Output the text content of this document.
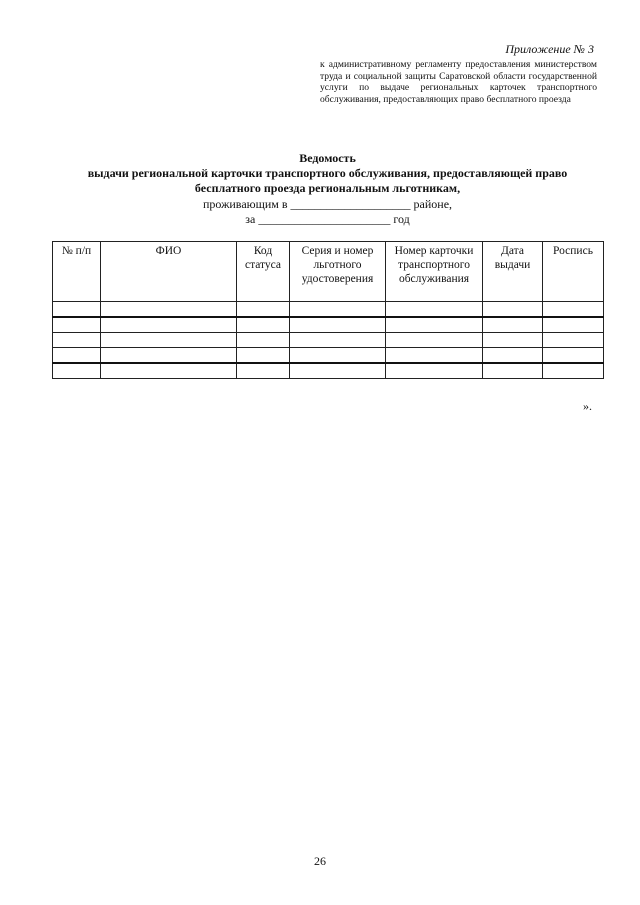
Приложение № 3
к административному регламенту предоставления министерством труда и социальной защиты Саратовской области государственной услуги по выдаче региональных карточек транспортного обслуживания, предоставляющих право бесплатного проезда
Ведомость
выдачи региональной карточки транспортного обслуживания, предоставляющей право
бесплатного проезда региональным льготникам,
проживающим в ____________________ районе,
за ______________________ год
№ п/п	ФИО	Код статуса	Серия и номер льготного удостоверения	Номер карточки транспортного обслуживания	Дата выдачи	Роспись

».
26
